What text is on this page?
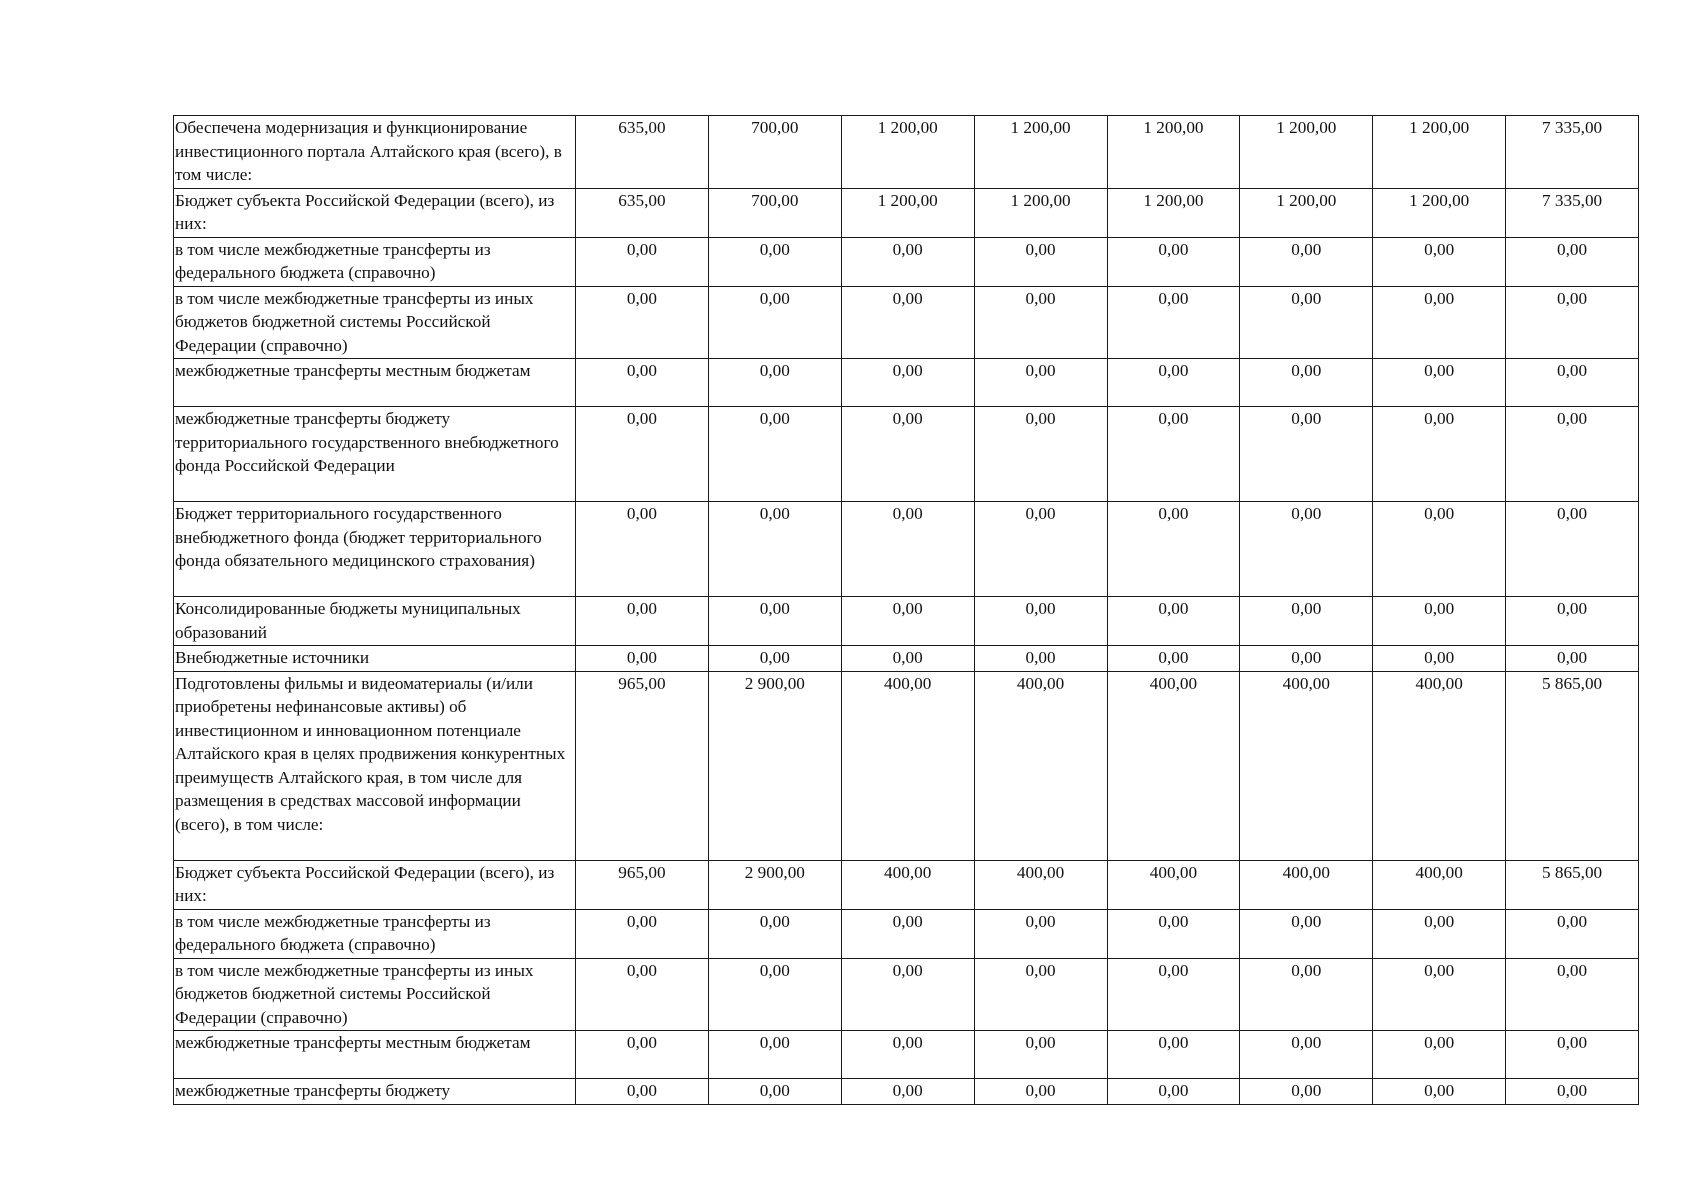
Обеспечена модернизация и функционирование инвестиционного портала Алтайского края (всего), в том числе:	635,00	700,00	1 200,00	1 200,00	1 200,00	1 200,00	1 200,00	7 335,00
Бюджет субъекта Российской Федерации (всего), из них:	635,00	700,00	1 200,00	1 200,00	1 200,00	1 200,00	1 200,00	7 335,00
в том числе межбюджетные трансферты из федерального бюджета (справочно)	0,00	0,00	0,00	0,00	0,00	0,00	0,00	0,00
в том числе межбюджетные трансферты из иных бюджетов бюджетной системы Российской Федерации (справочно)	0,00	0,00	0,00	0,00	0,00	0,00	0,00	0,00
межбюджетные трансферты местным бюджетам	0,00	0,00	0,00	0,00	0,00	0,00	0,00	0,00
межбюджетные трансферты бюджету территориального государственного внебюджетного фонда Российской Федерации	0,00	0,00	0,00	0,00	0,00	0,00	0,00	0,00
Бюджет территориального государственного внебюджетного фонда (бюджет территориального фонда обязательного медицинского страхования)	0,00	0,00	0,00	0,00	0,00	0,00	0,00	0,00
Консолидированные бюджеты муниципальных образований	0,00	0,00	0,00	0,00	0,00	0,00	0,00	0,00
Внебюджетные источники	0,00	0,00	0,00	0,00	0,00	0,00	0,00	0,00
Подготовлены фильмы и видеоматериалы (и/или приобретены нефинансовые активы) об инвестиционном и инновационном потенциале Алтайского края в целях продвижения конкурентных преимуществ Алтайского края, в том числе для размещения в средствах массовой информации (всего), в том числе:	965,00	2 900,00	400,00	400,00	400,00	400,00	400,00	5 865,00
Бюджет субъекта Российской Федерации (всего), из них:	965,00	2 900,00	400,00	400,00	400,00	400,00	400,00	5 865,00
в том числе межбюджетные трансферты из федерального бюджета (справочно)	0,00	0,00	0,00	0,00	0,00	0,00	0,00	0,00
в том числе межбюджетные трансферты из иных бюджетов бюджетной системы Российской Федерации (справочно)	0,00	0,00	0,00	0,00	0,00	0,00	0,00	0,00
межбюджетные трансферты местным бюджетам	0,00	0,00	0,00	0,00	0,00	0,00	0,00	0,00
межбюджетные трансферты бюджету	0,00	0,00	0,00	0,00	0,00	0,00	0,00	0,00
